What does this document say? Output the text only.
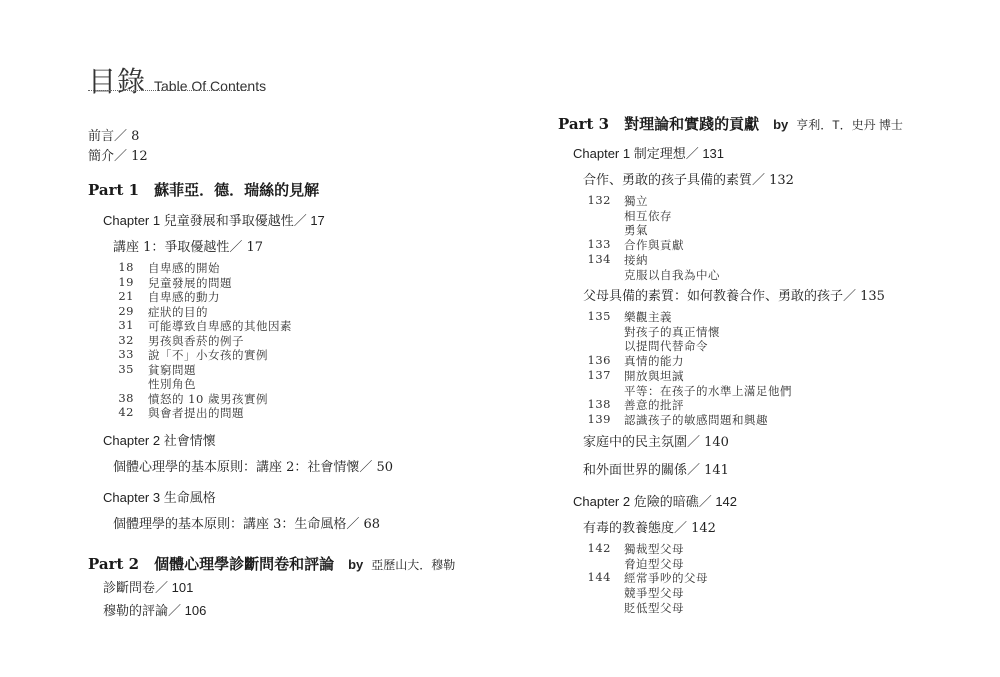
目錄 Table Of Contents
前言／ 8
簡介／ 12
Part 1　蘇菲亞．德．瑞絲的見解
Chapter 1 兒童發展和爭取優越性／ 17
講座 1：爭取優越性／ 17
18 自卑感的開始
19 兒童發展的問題
21 自卑感的動力
29 症狀的目的
31 可能導致自卑感的其他因素
32 男孩與香菸的例子
33 說「不」小女孩的實例
35 貧窮問題
性別角色
38 憤怒的 10 歲男孩實例
42 與會者提出的問題
Chapter 2 社會情懷
個體心理學的基本原則：講座 2：社會情懷／ 50
Chapter 3 生命風格
個體理學的基本原則：講座 3：生命風格／ 68
Part 2　個體心理學診斷問卷和評論 by 亞歷山大．穆勒
診斷問卷／ 101
穆勒的評論／ 106
Part 3　對理論和實踐的貢獻 by 亨利．T．史丹 博士
Chapter 1 制定理想／ 131
合作、勇敢的孩子具備的素質／ 132
132 獨立
相互依存
勇氣
133 合作與貢獻
134 接納
克服以自我為中心
父母具備的素質：如何教養合作、勇敢的孩子／ 135
135 樂觀主義
對孩子的真正情懷
以提問代替命令
136 真情的能力
137 開放與坦誠
平等：在孩子的水準上滿足他們
138 善意的批評
139 認識孩子的敏感問題和興趣
家庭中的民主氛圍／ 140
和外面世界的關係／ 141
Chapter 2 危險的暗礁／ 142
有毒的教養態度／ 142
142 獨裁型父母
脅迫型父母
144 經常爭吵的父母
競爭型父母
貶低型父母
